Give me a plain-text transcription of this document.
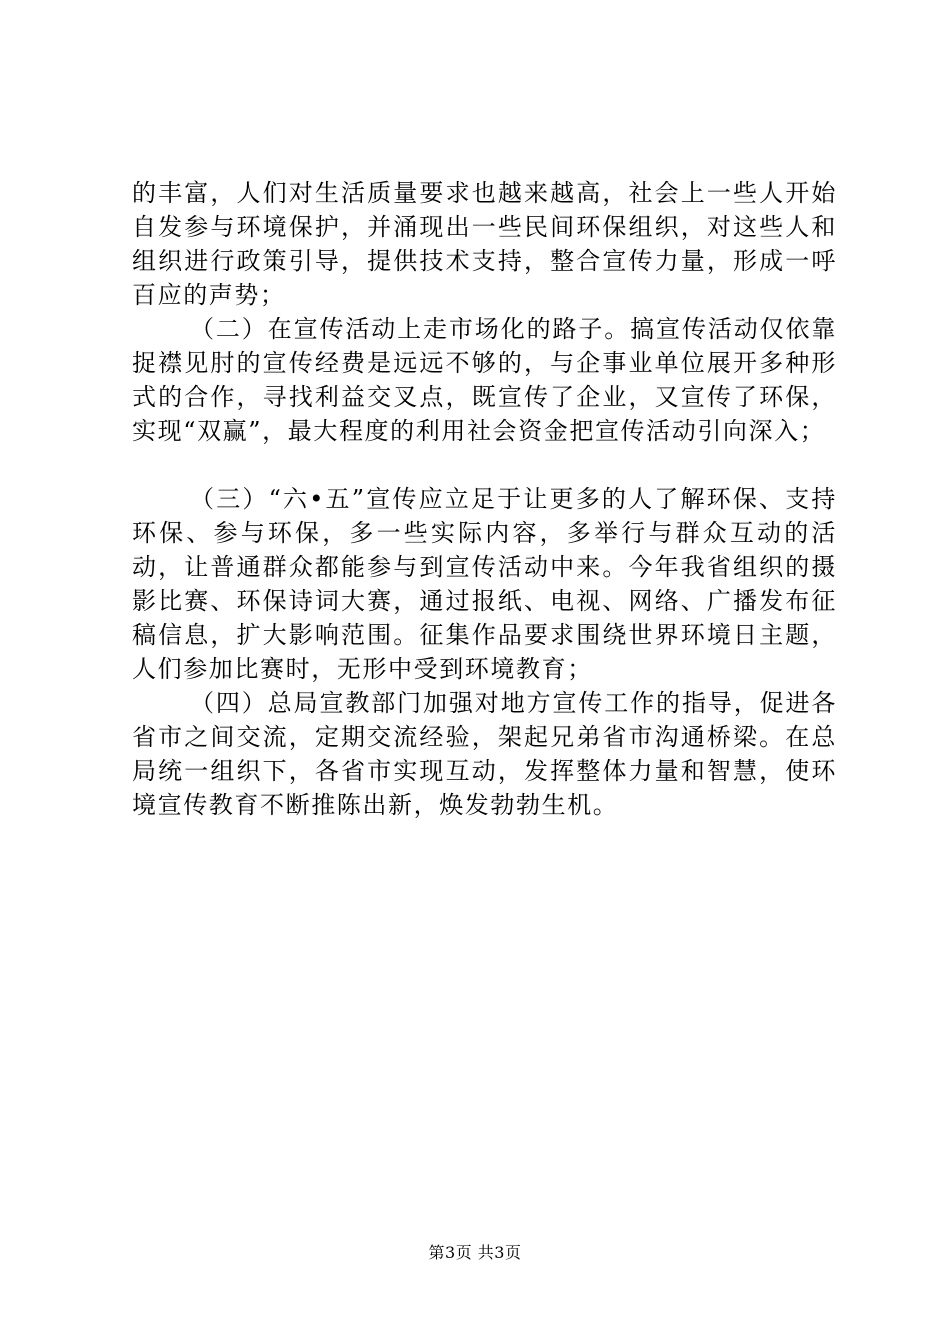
的丰富，人们对生活质量要求也越来越高，社会上一些人开始自发参与环境保护，并涌现出一些民间环保组织，对这些人和组织进行政策引导，提供技术支持，整合宣传力量，形成一呼百应的声势；

（二）在宣传活动上走市场化的路子。搞宣传活动仅依靠捉襟见肘的宣传经费是远远不够的，与企事业单位展开多种形式的合作，寻找利益交叉点，既宣传了企业，又宣传了环保，实现“双赢”，最大程度的利用社会资金把宣传活动引向深入；

（三）“六•五”宣传应立足于让更多的人了解环保、支持环保、参与环保，多一些实际内容，多举行与群众互动的活动，让普通群众都能参与到宣传活动中来。今年我省组织的摄影比赛、环保诗词大赛，通过报纸、电视、网络、广播发布征稿信息，扩大影响范围。征集作品要求围绕世界环境日主题，人们参加比赛时，无形中受到环境教育；

（四）总局宣教部门加强对地方宣传工作的指导，促进各省市之间交流，定期交流经验，架起兄弟省市沟通桥梁。在总局统一组织下，各省市实现互动，发挥整体力量和智慧，使环境宣传教育不断推陈出新，焕发勃勃生机。

第3页 共3页
